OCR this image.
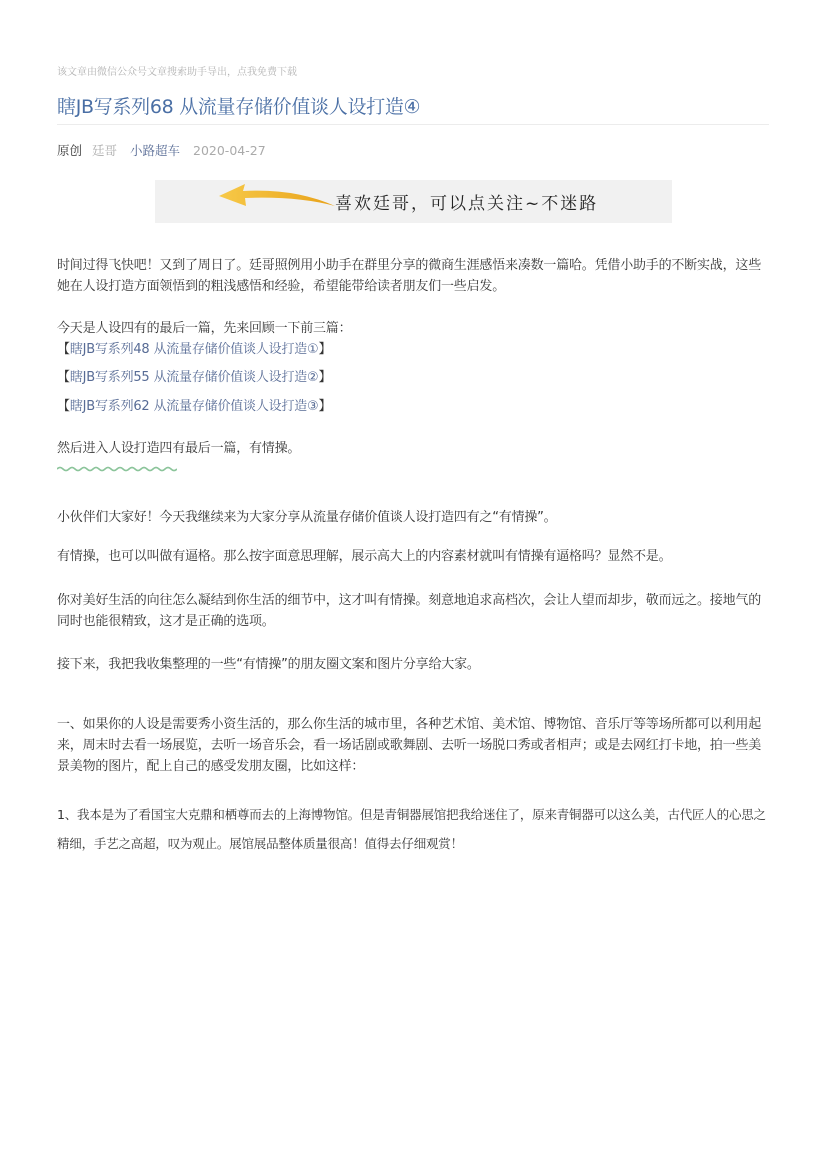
该文章由微信公众号文章搜索助手导出，点我免费下载
瞎JB写系列68 从流量存储价值谈人设打造④
原创 廷哥 小路超车 2020-04-27
喜欢廷哥，可以点关注~不迷路

时间过得飞快吧！又到了周日了。廷哥照例用小助手在群里分享的微商生涯感悟来凑数一篇哈。凭借小助手的不断实战，这些她在人设打造方面领悟到的粗浅感悟和经验，希望能带给读者朋友们一些启发。

今天是人设四有的最后一篇，先来回顾一下前三篇：

【瞎JB写系列48 从流量存储价值谈人设打造①】

【瞎JB写系列55 从流量存储价值谈人设打造②】

【瞎JB写系列62 从流量存储价值谈人设打造③】

然后进入人设打造四有最后一篇，有情操。

小伙伴们大家好！今天我继续来为大家分享从流量存储价值谈人设打造四有之“有情操”。

有情操，也可以叫做有逼格。那么按字面意思理解，展示高大上的内容素材就叫有情操有逼格吗？显然不是。

你对美好生活的向往怎么凝结到你生活的细节中，这才叫有情操。刻意地追求高档次，会让人望而却步，敬而远之。接地气的同时也能很精致，这才是正确的选项。

接下来，我把我收集整理的一些“有情操”的朋友圈文案和图片分享给大家。

一、如果你的人设是需要秀小资生活的，那么你生活的城市里，各种艺术馆、美术馆、博物馆、音乐厅等等场所都可以利用起来，周末时去看一场展览，去听一场音乐会，看一场话剧或歌舞剧、去听一场脱口秀或者相声；或是去网红打卡地，拍一些美景美物的图片，配上自己的感受发朋友圈，比如这样：

1、我本是为了看国宝大克鼎和栖尊而去的上海博物馆。但是青铜器展馆把我给迷住了，原来青铜器可以这么美，古代匠人的心思之精细，手艺之高超，叹为观止。展馆展品整体质量很高！值得去仔细观赏！
